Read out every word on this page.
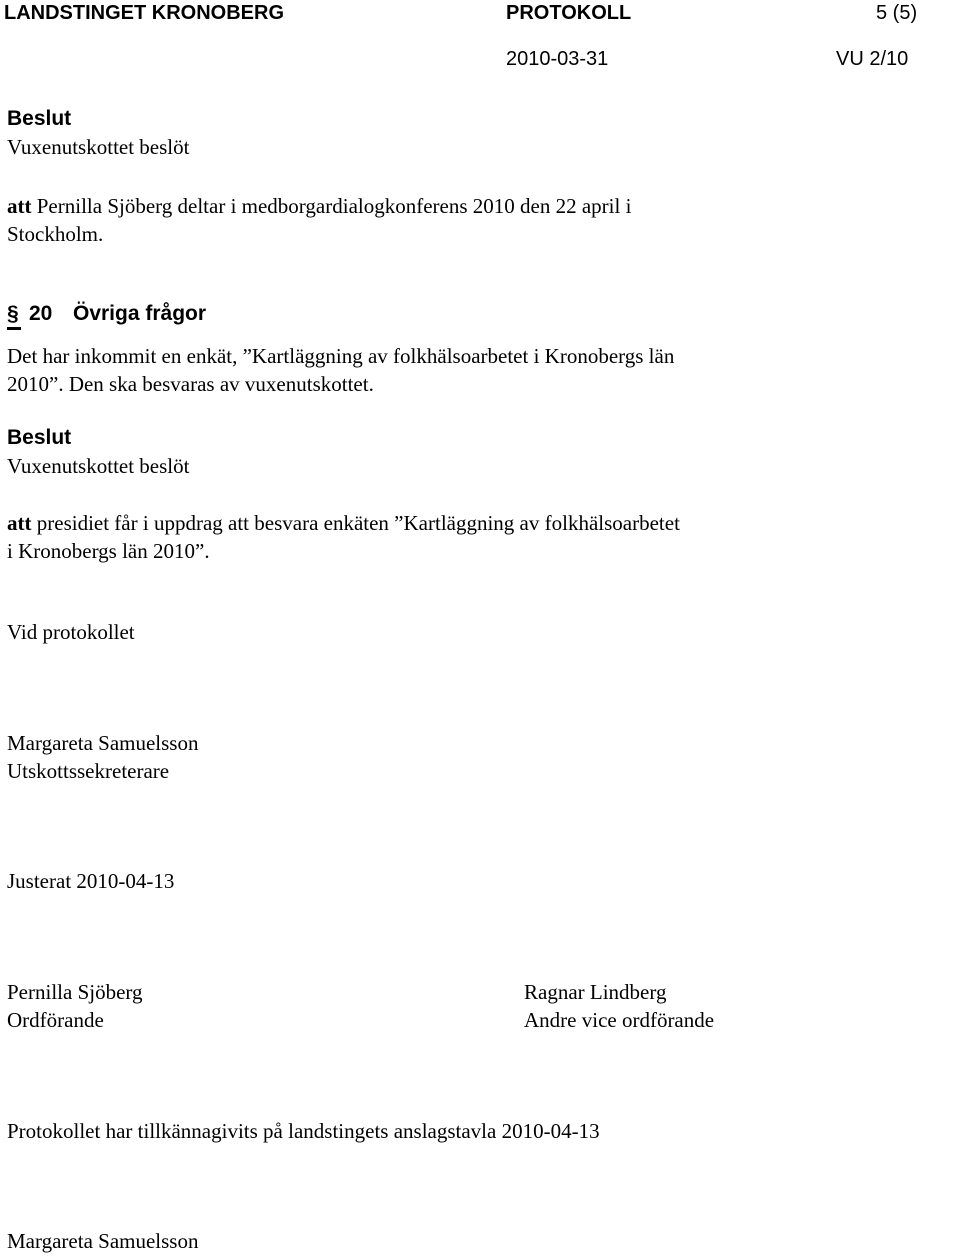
LANDSTINGET KRONOBERG	PROTOKOLL	5 (5)
2010-03-31	VU 2/10
Beslut
Vuxenutskottet beslöt
att Pernilla Sjöberg deltar i medborgardialogkonferens 2010 den 22 april i
Stockholm.
§ 20 Övriga frågor
Det har inkommit en enkät, ”Kartläggning av folkhälsoarbetet i Kronobergs län
2010”. Den ska besvaras av vuxenutskottet.
Beslut
Vuxenutskottet beslöt
att presidiet får i uppdrag att besvara enkäten ”Kartläggning av folkhälsoarbetet
i Kronobergs län 2010”.
Vid protokollet
Margareta Samuelsson
Utskottssekreterare
Justerat 2010-04-13
Pernilla Sjöberg
Ordförande
Ragnar Lindberg
Andre vice ordförande
Protokollet har tillkännagivits på landstingets anslagstavla 2010-04-13
Margareta Samuelsson
